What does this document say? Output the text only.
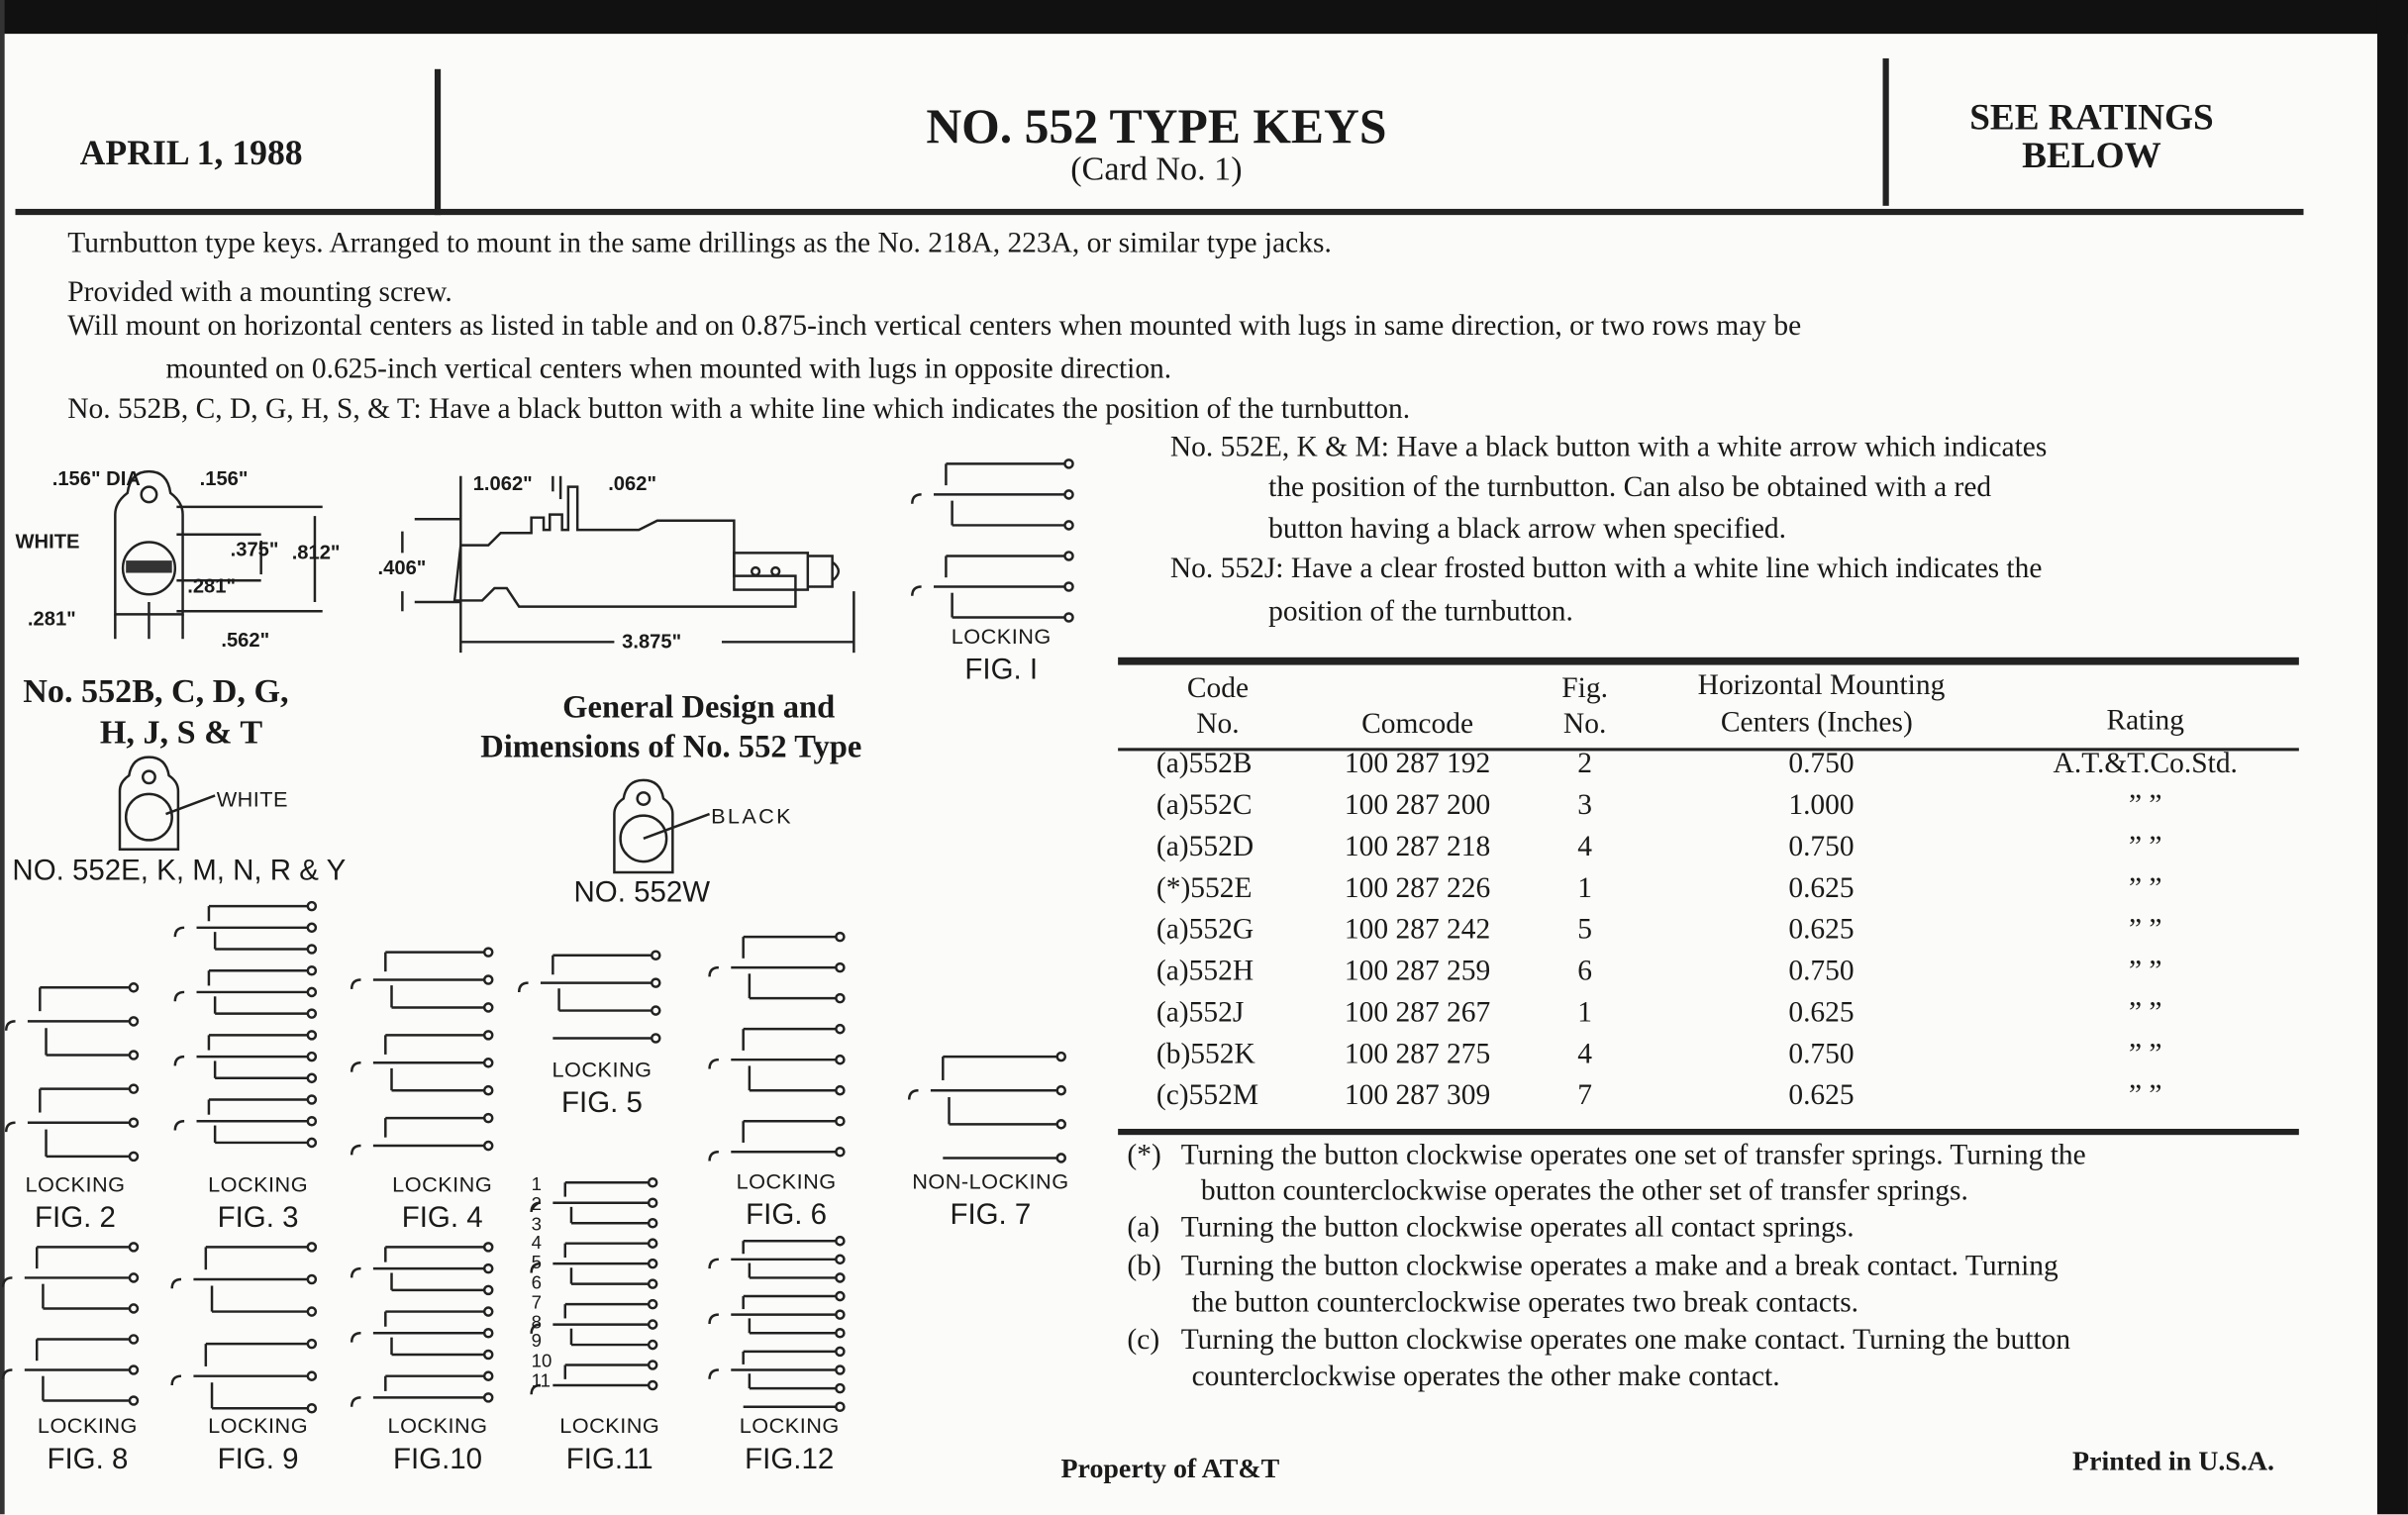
APRIL 1, 1988	NO. 552 TYPE KEYS
(Card No. 1)
SEE RATINGS
BELOW
Turnbutton type keys. Arranged to mount in the same drillings as the No. 218A, 223A, or similar type jacks.
Provided with a mounting screw.
Will mount on horizontal centers as listed in table and on 0.875-inch vertical centers when mounted with lugs in same direction, or two rows may be
mounted on 0.625-inch vertical centers when mounted with lugs in opposite direction.
No. 552B, C, D, G, H, S, & T: Have a black button with a white line which indicates the position of the turnbutton.
No. 552E, K & M: Have a black button with a white arrow which indicates
the position of the turnbutton. Can also be obtained with a red
button having a black arrow when specified.
No. 552J: Have a clear frosted button with a white line which indicates the
position of the turnbutton.
Code
No.	Comcode
Fig.
No.
Horizontal Mounting
Centers (Inches)	Rating
(a)552B	100 287 192	2	0.750	A.T.&T.Co.Std.
(a)552C	100 287 200	3	1.000	” ”
(a)552D	100 287 218	4	0.750	” ”
(*)552E	100 287 226	1	0.625	” ”
(a)552G	100 287 242	5	0.625	” ”
(a)552H	100 287 259	6	0.750	” ”
(a)552J	100 287 267	1	0.625	” ”
(b)552K	100 287 275	4	0.750	” ”
(c)552M	100 287 309	7	0.625	” ”
(*) Turning the button clockwise operates one set of transfer springs. Turning the
button counterclockwise operates the other set of transfer springs.
(a) Turning the button clockwise operates all contact springs.
(b) Turning the button clockwise operates a make and a break contact. Turning
the button counterclockwise operates two break contacts.
(c) Turning the button clockwise operates one make contact. Turning the button
counterclockwise operates the other make contact.
Property of AT&T	Printed in U.S.A.
.156" DIA	.156"
WHITE	.375" .812"
.281"
.281"
.562"
1.062"	.062"
.406"
3.875"
No. 552B, C, D, G,
H, J, S & T
General Design and
Dimensions of No. 552 Type
WHITE
NO. 552E, K, M, N, R & Y
BLACK
NO. 552W
LOCKING
FIG. I
LOCKING
FIG. 2
LOCKING
FIG. 3
LOCKING
FIG. 4
LOCKING
FIG. 5
LOCKING
FIG. 6
NON-LOCKING
FIG. 7
LOCKING
FIG. 8
LOCKING
FIG. 9
LOCKING
FIG.10
LOCKING
FIG.11
LOCKING
FIG.12
1
2
3
4
5
6
7
8
9
10
11
